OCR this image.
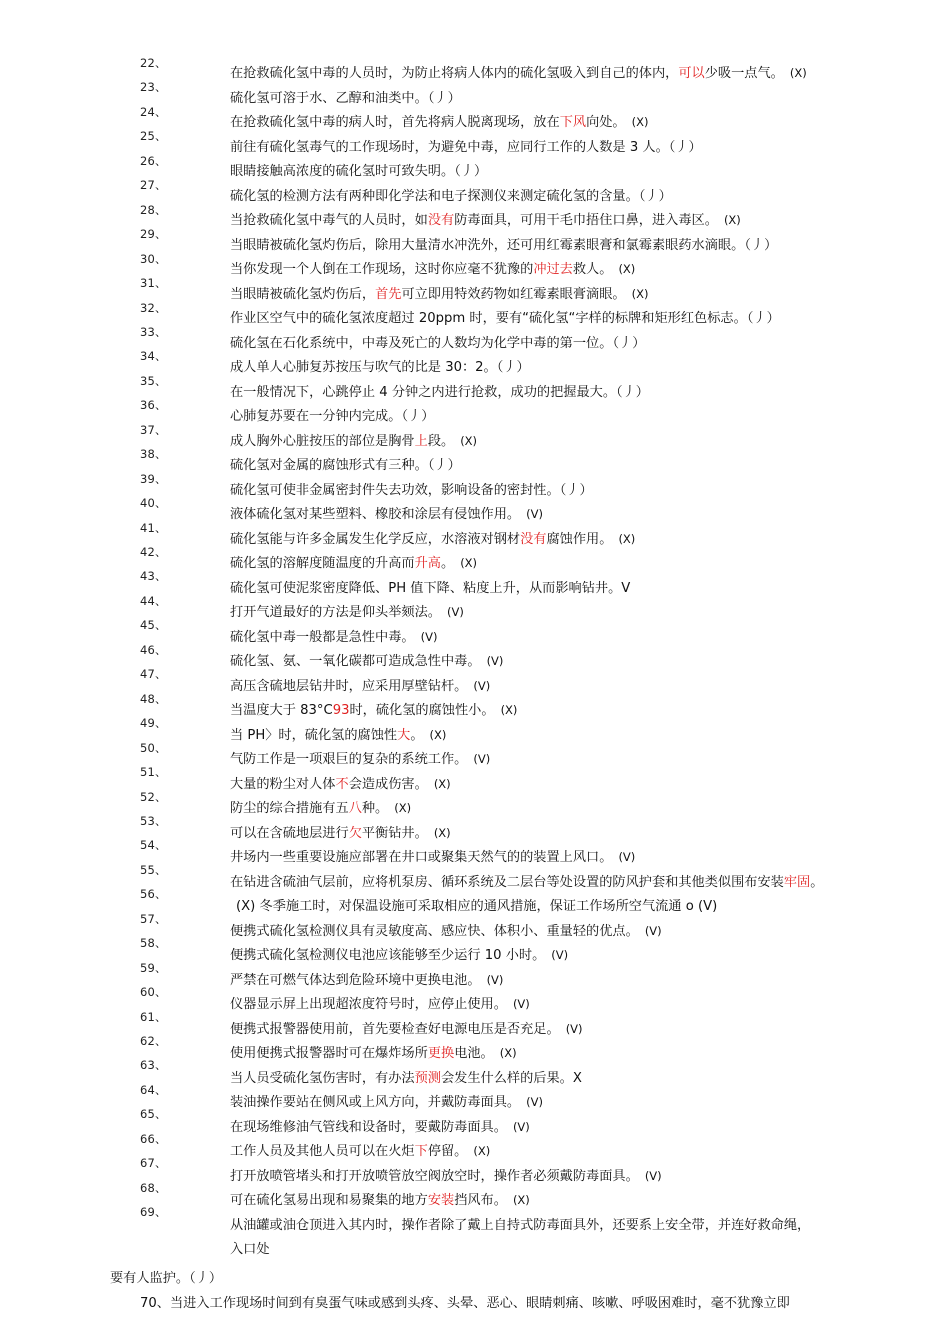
22、
23、
24、
25、
26、
27、
28、
29、
30、
31、
32、
33、
34、
35、
36、
37、
38、
39、
40、
41、
42、
43、
44、
45、
46、
47、
48、
49、
50、
51、
52、
53、
54、
55、
56、
57、
58、
59、
60、
61、
62、
63、
64、
65、
66、
67、
68、
69、
在抢救硫化氢中毒的人员时，为防止将病人体内的硫化氢吸入到自己的体内，可以少吸一点气。 (X)
硫化氢可溶于水、乙醇和油类中。（丿）
在抢救硫化氢中毒的病人时，首先将病人脱离现场，放在下风向处。 (X)
前往有硫化氢毒气的工作现场时，为避免中毒，应同行工作的人数是 3 人。（丿）
眼睛接触高浓度的硫化氢时可致失明。（丿）
硫化氢的检测方法有两种即化学法和电子探测仪来测定硫化氢的含量。（丿）
当抢救硫化氢中毒气的人员时，如没有防毒面具，可用干毛巾捂住口鼻，进入毒区。 (X)
当眼睛被硫化氢灼伤后，除用大量清水冲洗外，还可用红霉素眼膏和氯霉素眼药水滴眼。（丿）
当你发现一个人倒在工作现场，这时你应毫不犹豫的冲过去救人。 (X)
当眼睛被硫化氢灼伤后，首先可立即用特效药物如红霉素眼膏滴眼。 (X)
作业区空气中的硫化氢浓度超过 20ppm 时，要有“硫化氢“字样的标牌和矩形红色标志。（丿）
硫化氢在石化系统中，中毒及死亡的人数均为化学中毒的第一位。（丿）
成人单人心肺复苏按压与吹气的比是 30：2。（丿）
在一般情况下，心跳停止 4 分钟之内进行抢救，成功的把握最大。（丿）
心肺复苏要在一分钟内完成。（丿）
成人胸外心脏按压的部位是胸骨上段。 (X)
硫化氢对金属的腐蚀形式有三种。（丿）
硫化氢可使非金属密封件失去功效，影响设备的密封性。（丿）
液体硫化氢对某些塑料、橡胶和涂层有侵蚀作用。 (V)
硫化氢能与许多金属发生化学反应，水溶液对钢材没有腐蚀作用。 (X)
硫化氢的溶解度随温度的升高而升高。 (X)
硫化氢可使泥浆密度降低、PH 值下降、粘度上升，从而影响钻井。V
打开气道最好的方法是仰头举颏法。 (V)
硫化氢中毒一般都是急性中毒。 (V)
硫化氢、氨、一氧化碳都可造成急性中毒。 (V)
高压含硫地层钻井时，应采用厚壁钻杆。 (V)
当温度大于 83°C93时，硫化氢的腐蚀性小。 (X)
当 PH〉时，硫化氢的腐蚀性大。 (X)
气防工作是一项艰巨的复杂的系统工作。 (V)
大量的粉尘对人体不会造成伤害。 (X)
防尘的综合措施有五八种。 (X)
可以在含硫地层进行欠平衡钻井。 (X)
井场内一些重要设施应部署在井口或聚集天然气的的装置上风口。 (V)
在钻进含硫油气层前，应将机泵房、循环系统及二层台等处设置的防风护套和其他类似围布安装牢固。
(X) 冬季施工时，对保温设施可采取相应的通风措施，保证工作场所空气流通 o (V)
便携式硫化氢检测仪具有灵敏度高、感应快、体积小、重量轻的优点。 (V)
便携式硫化氢检测仪电池应该能够至少运行 10 小时。 (V)
严禁在可燃气体达到危险环境中更换电池。 (V)
仪器显示屏上出现超浓度符号时，应停止使用。 (V)
便携式报警器使用前，首先要检查好电源电压是否充足。 (V)
使用便携式报警器时可在爆炸场所更换电池。 (X)
当人员受硫化氢伤害时，有办法预测会发生什么样的后果。X
装油操作要站在侧风或上风方向，并戴防毒面具。 (V)
在现场维修油气管线和设备时，要戴防毒面具。 (V)
工作人员及其他人员可以在火炬下停留。 (X)
打开放喷管堵头和打开放喷管放空阀放空时，操作者必须戴防毒面具。 (V)
可在硫化氢易出现和易聚集的地方安装挡风布。 (X)
从油罐或油仓顶进入其内时，操作者除了戴上自持式防毒面具外，还要系上安全带，并连好救命绳，
入口处
要有人监护。（丿）
70、当进入工作现场时间到有臭蛋气味或感到头疼、头晕、恶心、眼睛刺痛、咳嗽、呼吸困难时，毫不犹豫立即
